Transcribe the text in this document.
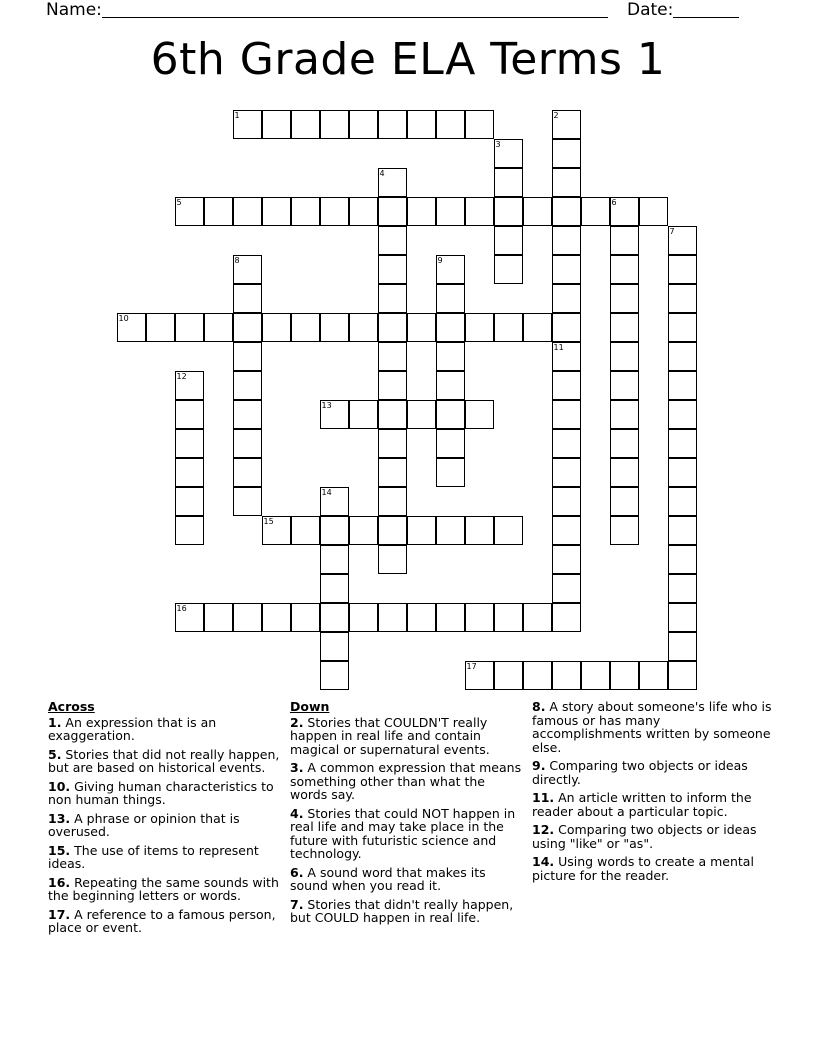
Name:	Date:
6th Grade ELA Terms 1
1	2
3
4
5	6
7
8	9
10
11
12
13
14
15
16
17
Across
1. An expression that is an exaggeration.
5. Stories that did not really happen, but are based on historical events.
10. Giving human characteristics to non human things.
13. A phrase or opinion that is overused.
15. The use of items to represent ideas.
16. Repeating the same sounds with the beginning letters or words.
17. A reference to a famous person, place or event.
Down
2. Stories that COULDN'T really happen in real life and contain magical or supernatural events.
3. A common expression that means something other than what the words say.
4. Stories that could NOT happen in real life and may take place in the future with futuristic science and technology.
6. A sound word that makes its sound when you read it.
7. Stories that didn't really happen, but COULD happen in real life.
8. A story about someone's life who is famous or has many accomplishments written by someone else.
9. Comparing two objects or ideas directly.
11. An article written to inform the reader about a particular topic.
12. Comparing two objects or ideas using "like" or "as".
14. Using words to create a mental picture for the reader.
